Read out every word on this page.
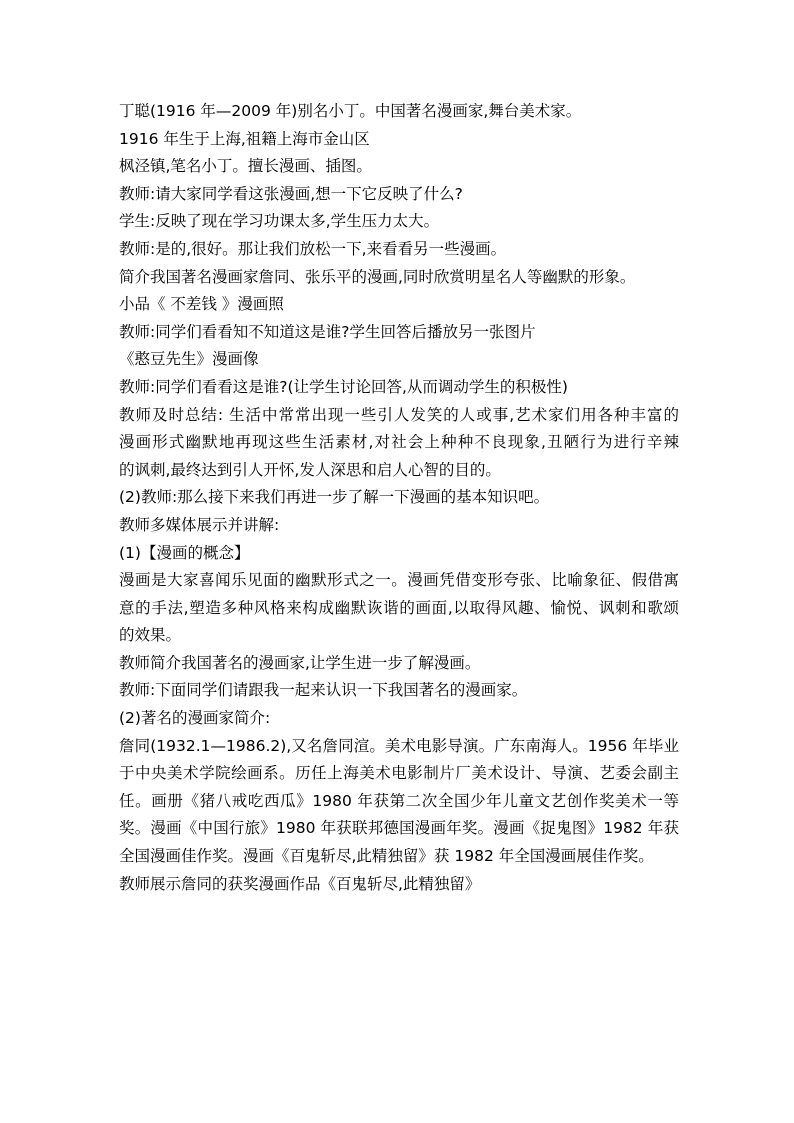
丁聪(1916 年—2009 年)别名小丁。中国著名漫画家,舞台美术家。
1916 年生于上海,祖籍上海市金山区
枫泾镇,笔名小丁。擅长漫画、插图。
教师:请大家同学看这张漫画,想一下它反映了什么?
学生:反映了现在学习功课太多,学生压力太大。
教师:是的,很好。那让我们放松一下,来看看另一些漫画。
简介我国著名漫画家詹同、张乐平的漫画,同时欣赏明星名人等幽默的形象。
小品《 不差钱 》漫画照
教师:同学们看看知不知道这是谁?学生回答后播放另一张图片
《憨豆先生》漫画像
教师:同学们看看这是谁?(让学生讨论回答,从而调动学生的积极性)
教师及时总结: 生活中常常出现一些引人发笑的人或事,艺术家们用各种丰富的
漫画形式幽默地再现这些生活素材,对社会上种种不良现象,丑陋行为进行辛辣
的讽刺,最终达到引人开怀,发人深思和启人心智的目的。
(2)教师:那么接下来我们再进一步了解一下漫画的基本知识吧。
教师多媒体展示并讲解:
(1)【漫画的概念】
漫画是大家喜闻乐见面的幽默形式之一。漫画凭借变形夸张、比喻象征、假借寓
意的手法,塑造多种风格来构成幽默诙谐的画面,以取得风趣、愉悦、讽刺和歌颂
的效果。
教师简介我国著名的漫画家,让学生进一步了解漫画。
教师:下面同学们请跟我一起来认识一下我国著名的漫画家。
(2)著名的漫画家简介:
詹同(1932.1—1986.2),又名詹同渲。美术电影导演。广东南海人。1956 年毕业
于中央美术学院绘画系。历任上海美术电影制片厂美术设计、导演、艺委会副主
任。画册《猪八戒吃西瓜》1980 年获第二次全国少年儿童文艺创作奖美术一等
奖。漫画《中国行旅》1980 年获联邦德国漫画年奖。漫画《捉鬼图》1982 年获
全国漫画佳作奖。漫画《百鬼斩尽,此精独留》获 1982 年全国漫画展佳作奖。
教师展示詹同的获奖漫画作品《百鬼斩尽,此精独留》
